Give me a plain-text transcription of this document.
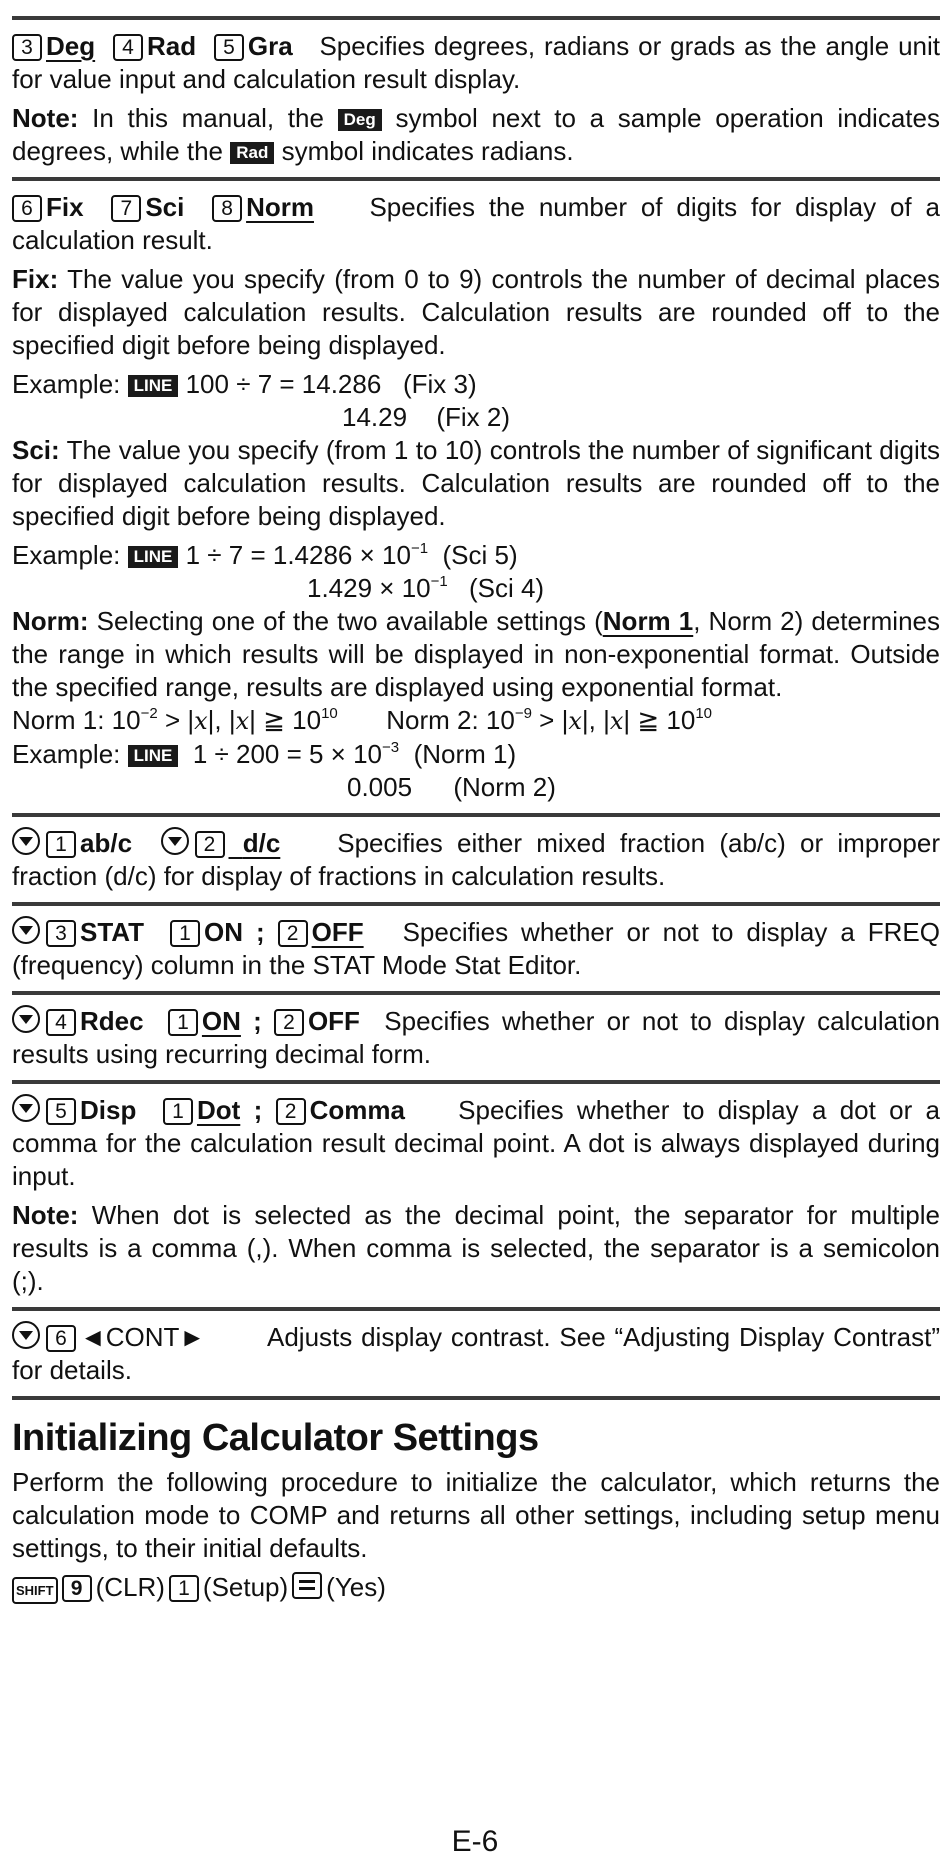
3 Deg 4 Rad 5 Gra Specifies degrees, radians or grads as the angle unit for value input and calculation result display.

Note: In this manual, the Deg symbol next to a sample operation indicates degrees, while the Rad symbol indicates radians.

6 Fix 7 Sci 8 Norm Specifies the number of digits for display of a calculation result.

Fix: The value you specify (from 0 to 9) controls the number of decimal places for displayed calculation results. Calculation results are rounded off to the specified digit before being displayed.

Example: LINE 100 ÷ 7 = 14.286 (Fix 3)
14.29 (Fix 2)

Sci: The value you specify (from 1 to 10) controls the number of significant digits for displayed calculation results. Calculation results are rounded off to the specified digit before being displayed.

Example: LINE $1 \div 7 = 1.4286 \times 10^{-1}$ (Sci 5)
$1.429 \times 10^{-1}$ (Sci 4)

Norm: Selecting one of the two available settings (Norm 1, Norm 2) determines the range in which results will be displayed in non-exponential format. Outside the specified range, results are displayed using exponential format.

Norm 1: $10^{-2} > |x|$, |x| ≧ $10^{10}$ Norm 2: $10^{-9} > |x|$, |x| ≧ $10^{10}$
Example: LINE $1 \div 200 = 5 \times 10^{-3}$ (Norm 1)
0.005 (Norm 2)

1 ab/c	2 d/c Specifies either mixed fraction (ab/c) or improper fraction (d/c) for display of fractions in calculation results.

3 STAT 1 ON ; 2 OFF Specifies whether or not to display a FREQ (frequency) column in the STAT Mode Stat Editor.

4 Rdec 1 ON ; 2 OFF Specifies whether or not to display calculation results using recurring decimal form.

5 Disp 1 Dot ; 2 Comma Specifies whether to display a dot or a comma for the calculation result decimal point. A dot is always displayed during input.

Note: When dot is selected as the decimal point, the separator for multiple results is a comma (,). When comma is selected, the separator is a semicolon (;).

6 ◄CONT► Adjusts display contrast. See “Adjusting Display Contrast” for details.

Initializing Calculator Settings

Perform the following procedure to initialize the calculator, which returns the calculation mode to COMP and returns all other settings, including setup menu settings, to their initial defaults.

SHIFT 9 (CLR) 1 (Setup) (Yes)
E-6
